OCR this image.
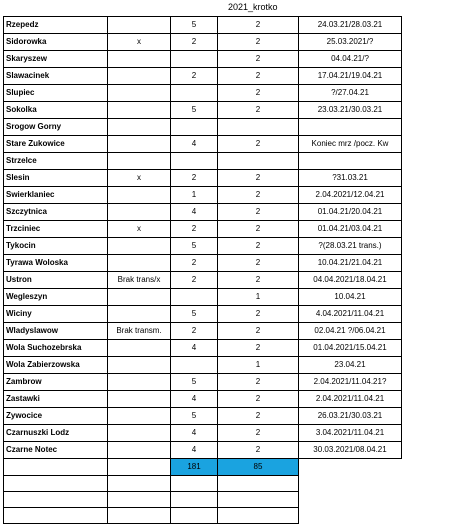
2021_krotko
Rzepedz		5	2	24.03.21/28.03.21
Sidorowka	x	2	2	25.03.2021/?
Skaryszew			2	04.04.21/?
Slawacinek		2	2	17.04.21/19.04.21
Slupiec			2	?/27.04.21
Sokolka		5	2	23.03.21/30.03.21
Srogow Gorny				
Stare Zukowice		4	2	Koniec mrz /pocz. Kw
Strzelce				
Slesin	x	2	2	?31.03.21
Swierklaniec		1	2	2.04.2021/12.04.21
Szczytnica		4	2	01.04.21/20.04.21
Trzciniec	x	2	2	01.04.21/03.04.21
Tykocin		5	2	?(28.03.21 trans.)
Tyrawa Woloska		2	2	10.04.21/21.04.21
Ustron	Brak trans/x	2	2	04.04.2021/18.04.21
Wegleszyn			1	10.04.21
Wiciny		5	2	4.04.2021/11.04.21
Wladyslawow	Brak transm.	2	2	02.04.21 ?/06.04.21
Wola Suchozebrska		4	2	01.04.2021/15.04.21
Wola Zabierzowska			1	23.04.21
Zambrow		5	2	2.04.2021/11.04.21?
Zastawki		4	2	2.04.2021/11.04.21
Zywocice		5	2	26.03.21/30.03.21
Czarnuszki Lodz		4	2	3.04.2021/11.04.21
Czarne Notec		4	2	30.03.2021/08.04.21
		181	85	
